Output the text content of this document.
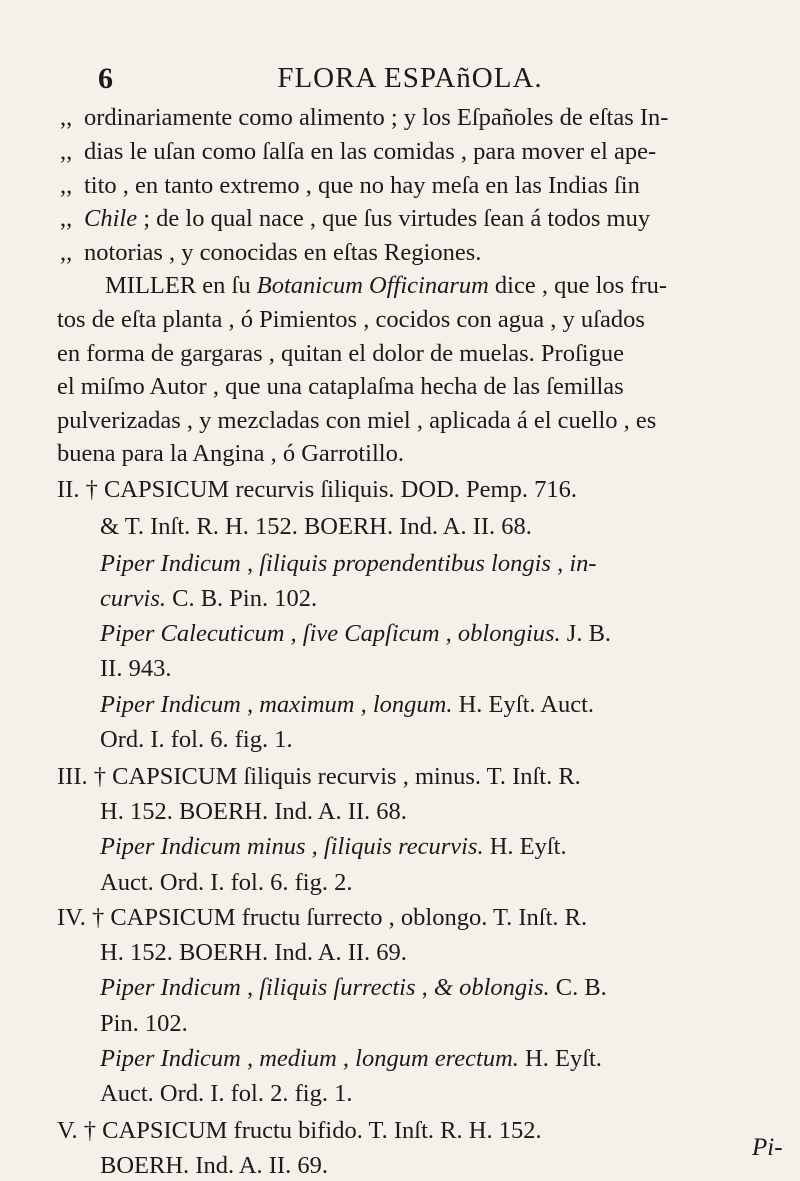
6	FLORA ESPAñOLA.
,, ordinariamente como alimento ; y los Eſpañoles de eſtas In-
,, dias le uſan como ſalſa en las comidas , para mover el ape-
,, tito , en tanto extremo , que no hay meſa en las Indias ſin
,, Chile ; de lo qual nace , que ſus virtudes ſean á todos muy
,, notorias , y conocidas en eſtas Regiones.
MILLER en ſu Botanicum Officinarum dice , que los fru-
tos de eſta planta , ó Pimientos , cocidos con agua , y uſados
en forma de gargaras , quitan el dolor de muelas. Proſigue
el miſmo Autor , que una cataplaſma hecha de las ſemillas
pulverizadas , y mezcladas con miel , aplicada á el cuello , es
buena para la Angina , ó Garrotillo.
II. † CAPSICUM recurvis ſiliquis. DOD. Pemp. 716.
& T. Inſt. R. H. 152. BOERH. Ind. A. II. 68.
Piper Indicum , ſiliquis propendentibus longis , in-
curvis. C. B. Pin. 102.
Piper Calecuticum , ſive Capſicum , oblongius. J. B.
II. 943.
Piper Indicum , maximum , longum. H. Eyſt. Auct.
Ord. I. fol. 6. fig. 1.
III. † CAPSICUM ſiliquis recurvis , minus. T. Inſt. R.
H. 152. BOERH. Ind. A. II. 68.
Piper Indicum minus , ſiliquis recurvis. H. Eyſt.
Auct. Ord. I. fol. 6. fig. 2.
IV. † CAPSICUM fructu ſurrecto , oblongo. T. Inſt. R.
H. 152. BOERH. Ind. A. II. 69.
Piper Indicum , ſiliquis ſurrectis , & oblongis. C. B.
Pin. 102.
Piper Indicum , medium , longum erectum. H. Eyſt.
Auct. Ord. I. fol. 2. fig. 1.
V. † CAPSICUM fructu bifido. T. Inſt. R. H. 152.
BOERH. Ind. A. II. 69.
Pi-
